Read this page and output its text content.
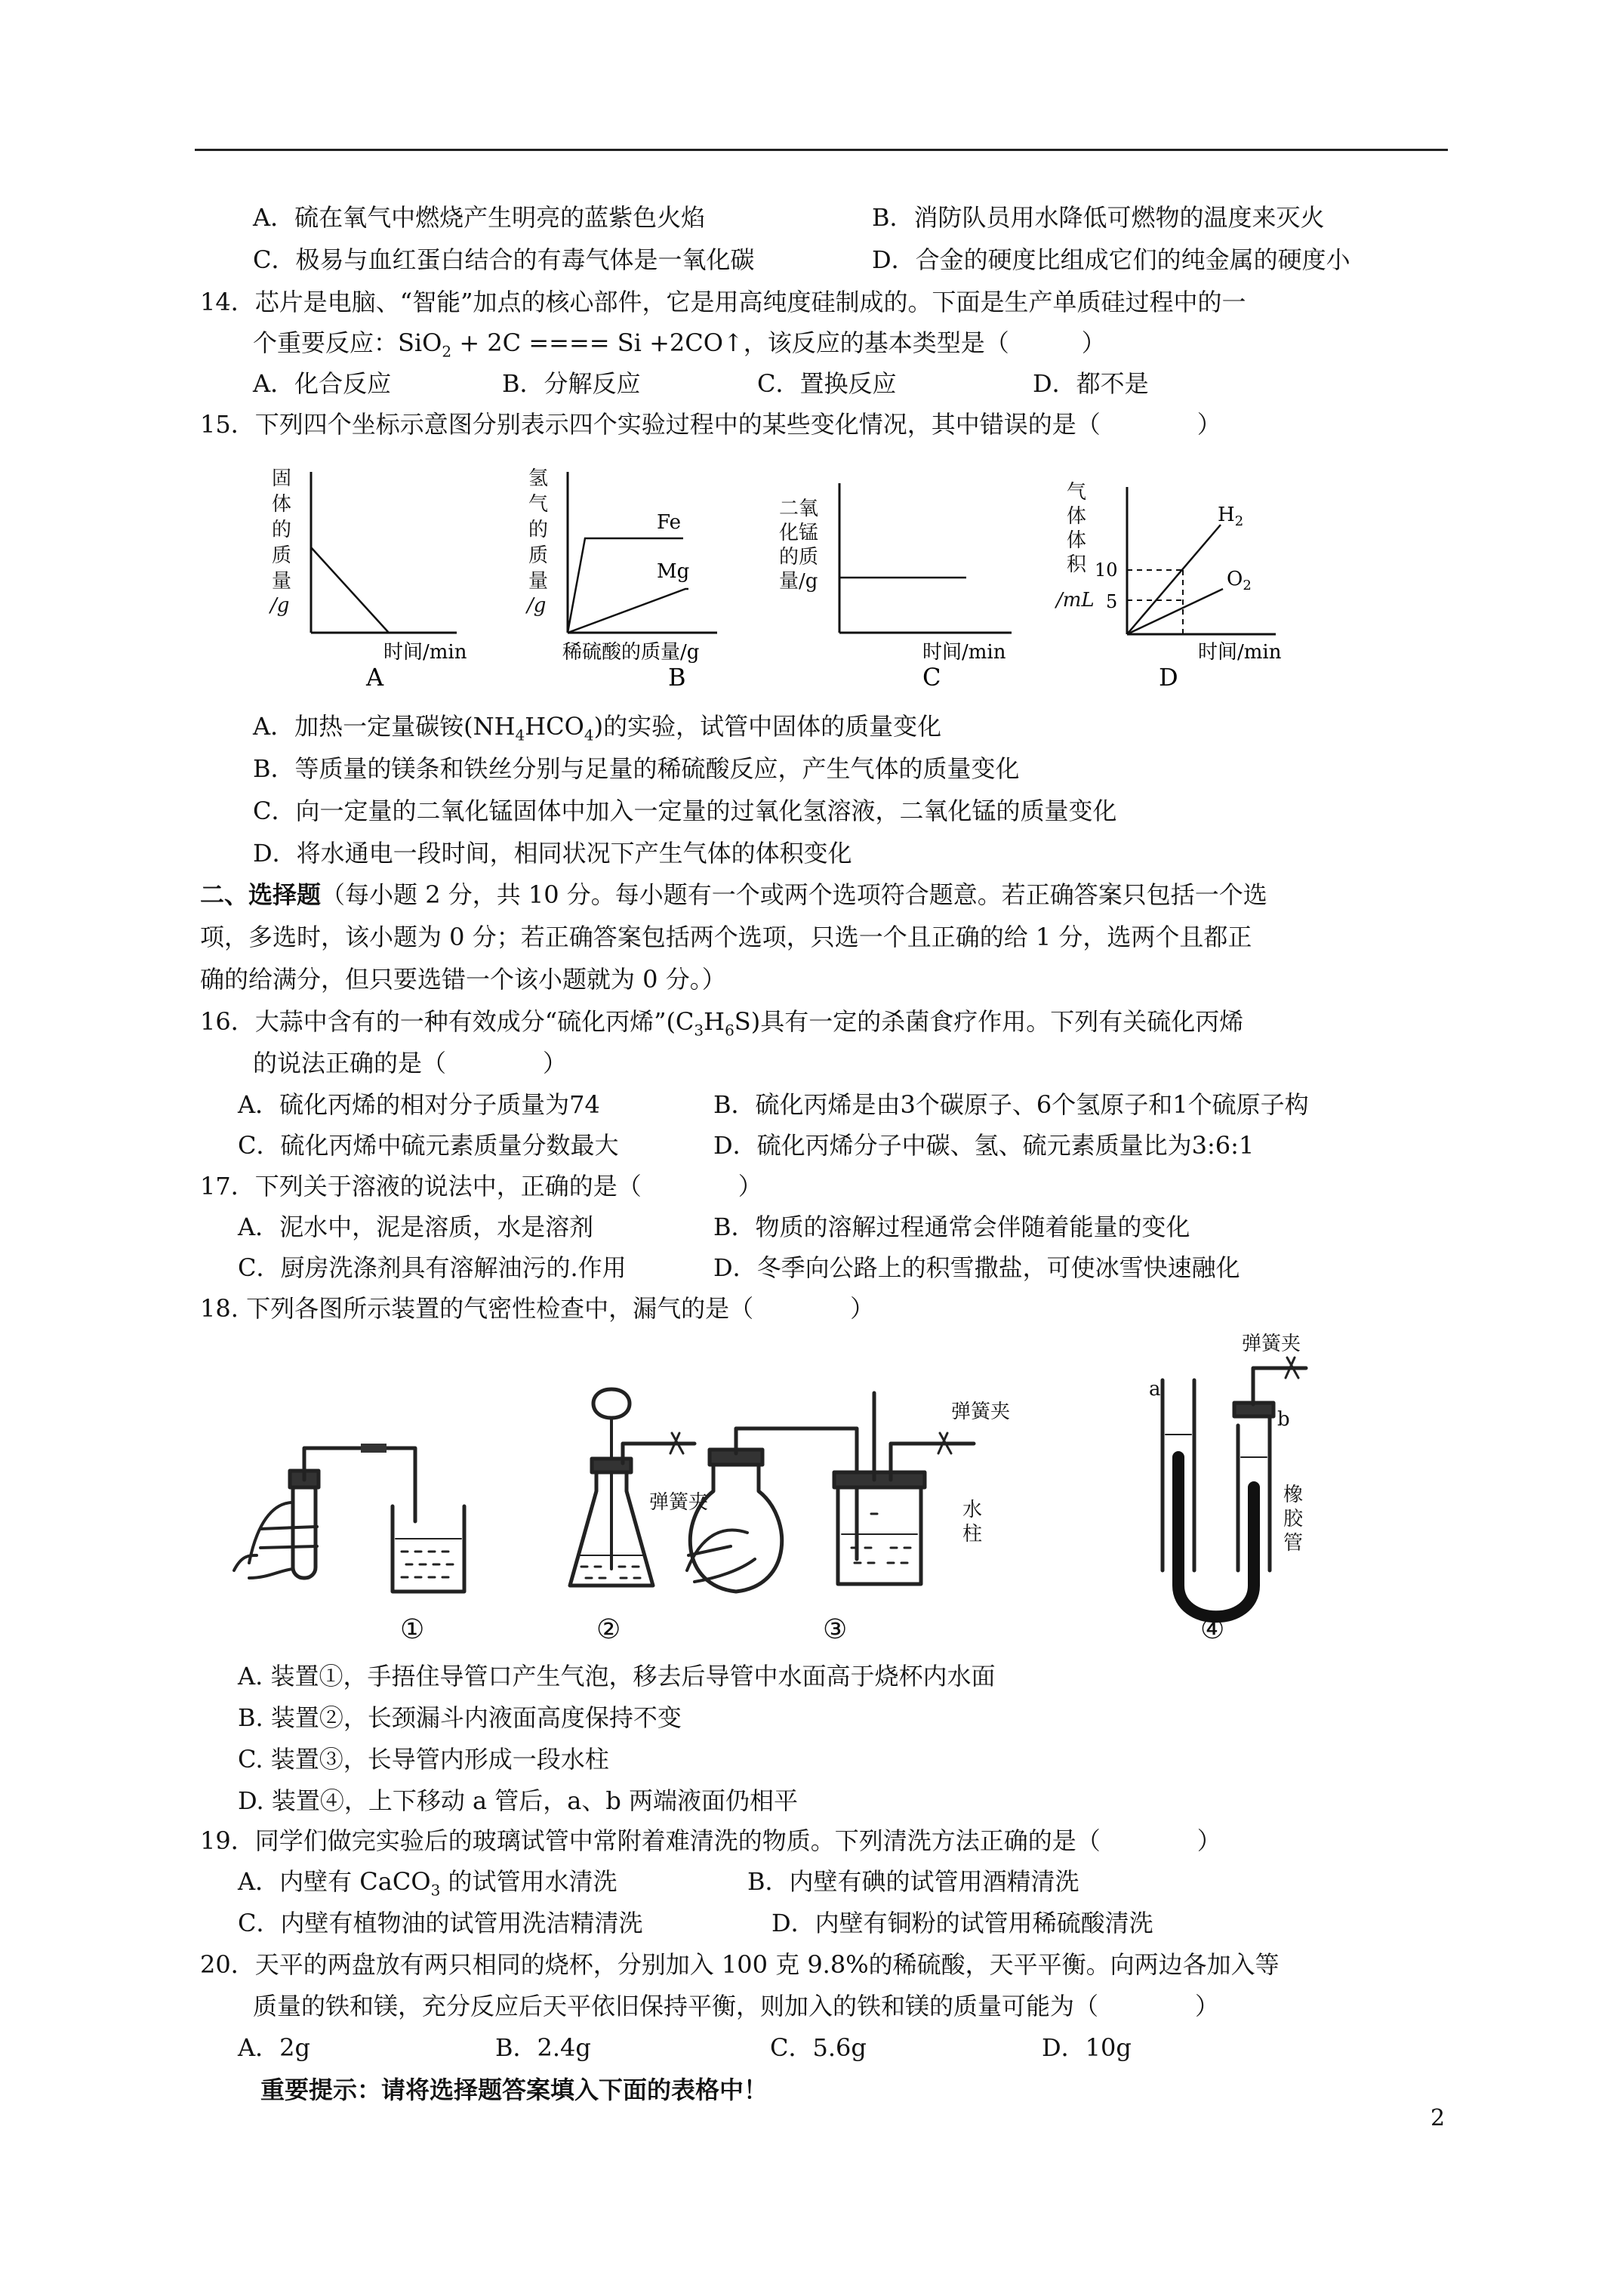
A．硫在氧气中燃烧产生明亮的蓝紫色火焰	B．消防队员用水降低可燃物的温度来灭火
C．极易与血红蛋白结合的有毒气体是一氧化碳	D．合金的硬度比组成它们的纯金属的硬度小
14．芯片是电脑、“智能”加点的核心部件，它是用高纯度硅制成的。下面是生产单质硅过程中的一
个重要反应：SiO$_2$ + 2C ==== Si +2CO↑，该反应的基本类型是（　　　）
A．化合反应	B．分解反应	C．置换反应	D．都不是
15．下列四个坐标示意图分别表示四个实验过程中的某些变化情况，其中错误的是（　　　　）
固
体
的
质
量
/g
时间/min
A
氢
气
的
质
量
/g
Fe
Mg
稀硫酸的质量/g
B
二氧
化锰
的质
量/g
时间/min
C
气
体
体
积
/mL
10
5
$H_2$
$O_2$
时间/min
D
A．加热一定量碳铵$(NH_4HCO_4)$的实验，试管中固体的质量变化
B．等质量的镁条和铁丝分别与足量的稀硫酸反应，产生气体的质量变化
C．向一定量的二氧化锰固体中加入一定量的过氧化氢溶液，二氧化锰的质量变化
D．将水通电一段时间，相同状况下产生气体的体积变化
二、选择题（每小题 2 分，共 10 分。每小题有一个或两个选项符合题意。若正确答案只包括一个选
项，多选时，该小题为 0 分；若正确答案包括两个选项，只选一个且正确的给 1 分，选两个且都正
确的给满分，但只要选错一个该小题就为 0 分。）
16．大蒜中含有的一种有效成分“硫化丙烯$”(C_3H_6S)$具有一定的杀菌食疗作用。下列有关硫化丙烯
的说法正确的是（　　　　）
A．硫化丙烯的相对分子质量为74	B．硫化丙烯是由3个碳原子、6个氢原子和1个硫原子构
C．硫化丙烯中硫元素质量分数最大	D．硫化丙烯分子中碳、氢、硫元素质量比为3:6:1
17．下列关于溶液的说法中，正确的是（　　　　）
A．泥水中，泥是溶质，水是溶剂	B．物质的溶解过程通常会伴随着能量的变化
C．厨房洗涤剂具有溶解油污的.作用	D．冬季向公路上的积雪撒盐，可使冰雪快速融化
18. 下列各图所示装置的气密性检查中，漏气的是（　　　　）
①	②	③	④
弹簧夹
弹簧夹
水
柱
弹簧夹
a
b
橡
胶
管
A. 装置①，手捂住导管口产生气泡，移去后导管中水面高于烧杯内水面
B. 装置②，长颈漏斗内液面高度保持不变
C. 装置③，长导管内形成一段水柱
D. 装置④，上下移动 a 管后，a、b 两端液面仍相平
19．同学们做完实验后的玻璃试管中常附着难清洗的物质。下列清洗方法正确的是（　　　　）
A．内壁有 CaCO$_3$ 的试管用水清洗	B．内壁有碘的试管用酒精清洗
C．内壁有植物油的试管用洗洁精清洗	D．内壁有铜粉的试管用稀硫酸清洗
20．天平的两盘放有两只相同的烧杯，分别加入 100 克 9.8%的稀硫酸，天平平衡。向两边各加入等
质量的铁和镁，充分反应后天平依旧保持平衡，则加入的铁和镁的质量可能为（　　　　）
A．2g	B．2.4g	C．5.6g	D．10g
重要提示：请将选择题答案填入下面的表格中！
2
